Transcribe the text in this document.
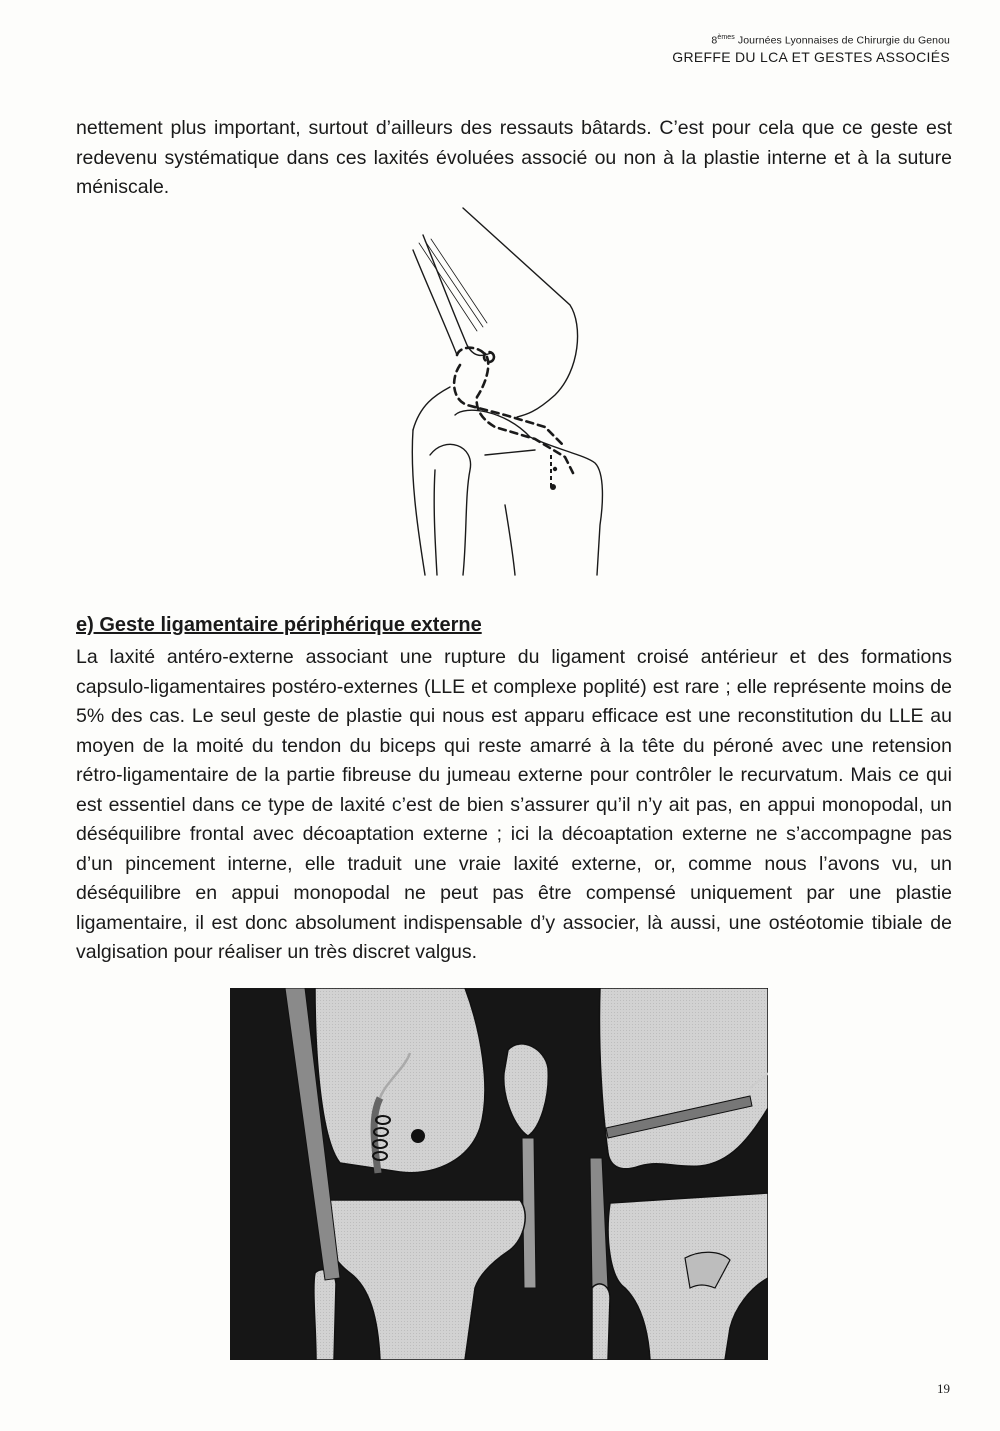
8èmes Journées Lyonnaises de Chirurgie du Genou
GREFFE DU LCA ET GESTES ASSOCIÉS

nettement plus important, surtout d’ailleurs des ressauts bâtards. C’est pour cela que ce geste est redevenu systématique dans ces laxités évoluées associé ou non à la plastie interne et à la suture méniscale.

e) Geste ligamentaire périphérique externe

La laxité antéro-externe associant une rupture du ligament croisé antérieur et des formations capsulo-ligamentaires postéro-externes (LLE et complexe poplité) est rare ; elle représente moins de 5% des cas. Le seul geste de plastie qui nous est apparu efficace est une reconstitution du LLE au moyen de la moité du tendon du biceps qui reste amarré à la tête du péroné avec une retension rétro-ligamentaire de la partie fibreuse du jumeau externe pour contrôler le recurvatum. Mais ce qui est essentiel dans ce type de laxité c’est de bien s’assurer qu’il n’y ait pas, en appui monopodal, un déséquilibre frontal avec décoaptation externe ; ici la décoaptation externe ne s’accompagne pas d’un pincement interne, elle traduit une vraie laxité externe, or, comme nous l’avons vu, un déséquilibre en appui monopodal ne peut pas être compensé uniquement par une plastie ligamentaire, il est donc absolument indispensable d’y associer, là aussi, une ostéotomie tibiale de valgisation pour réaliser un très discret valgus.

19
